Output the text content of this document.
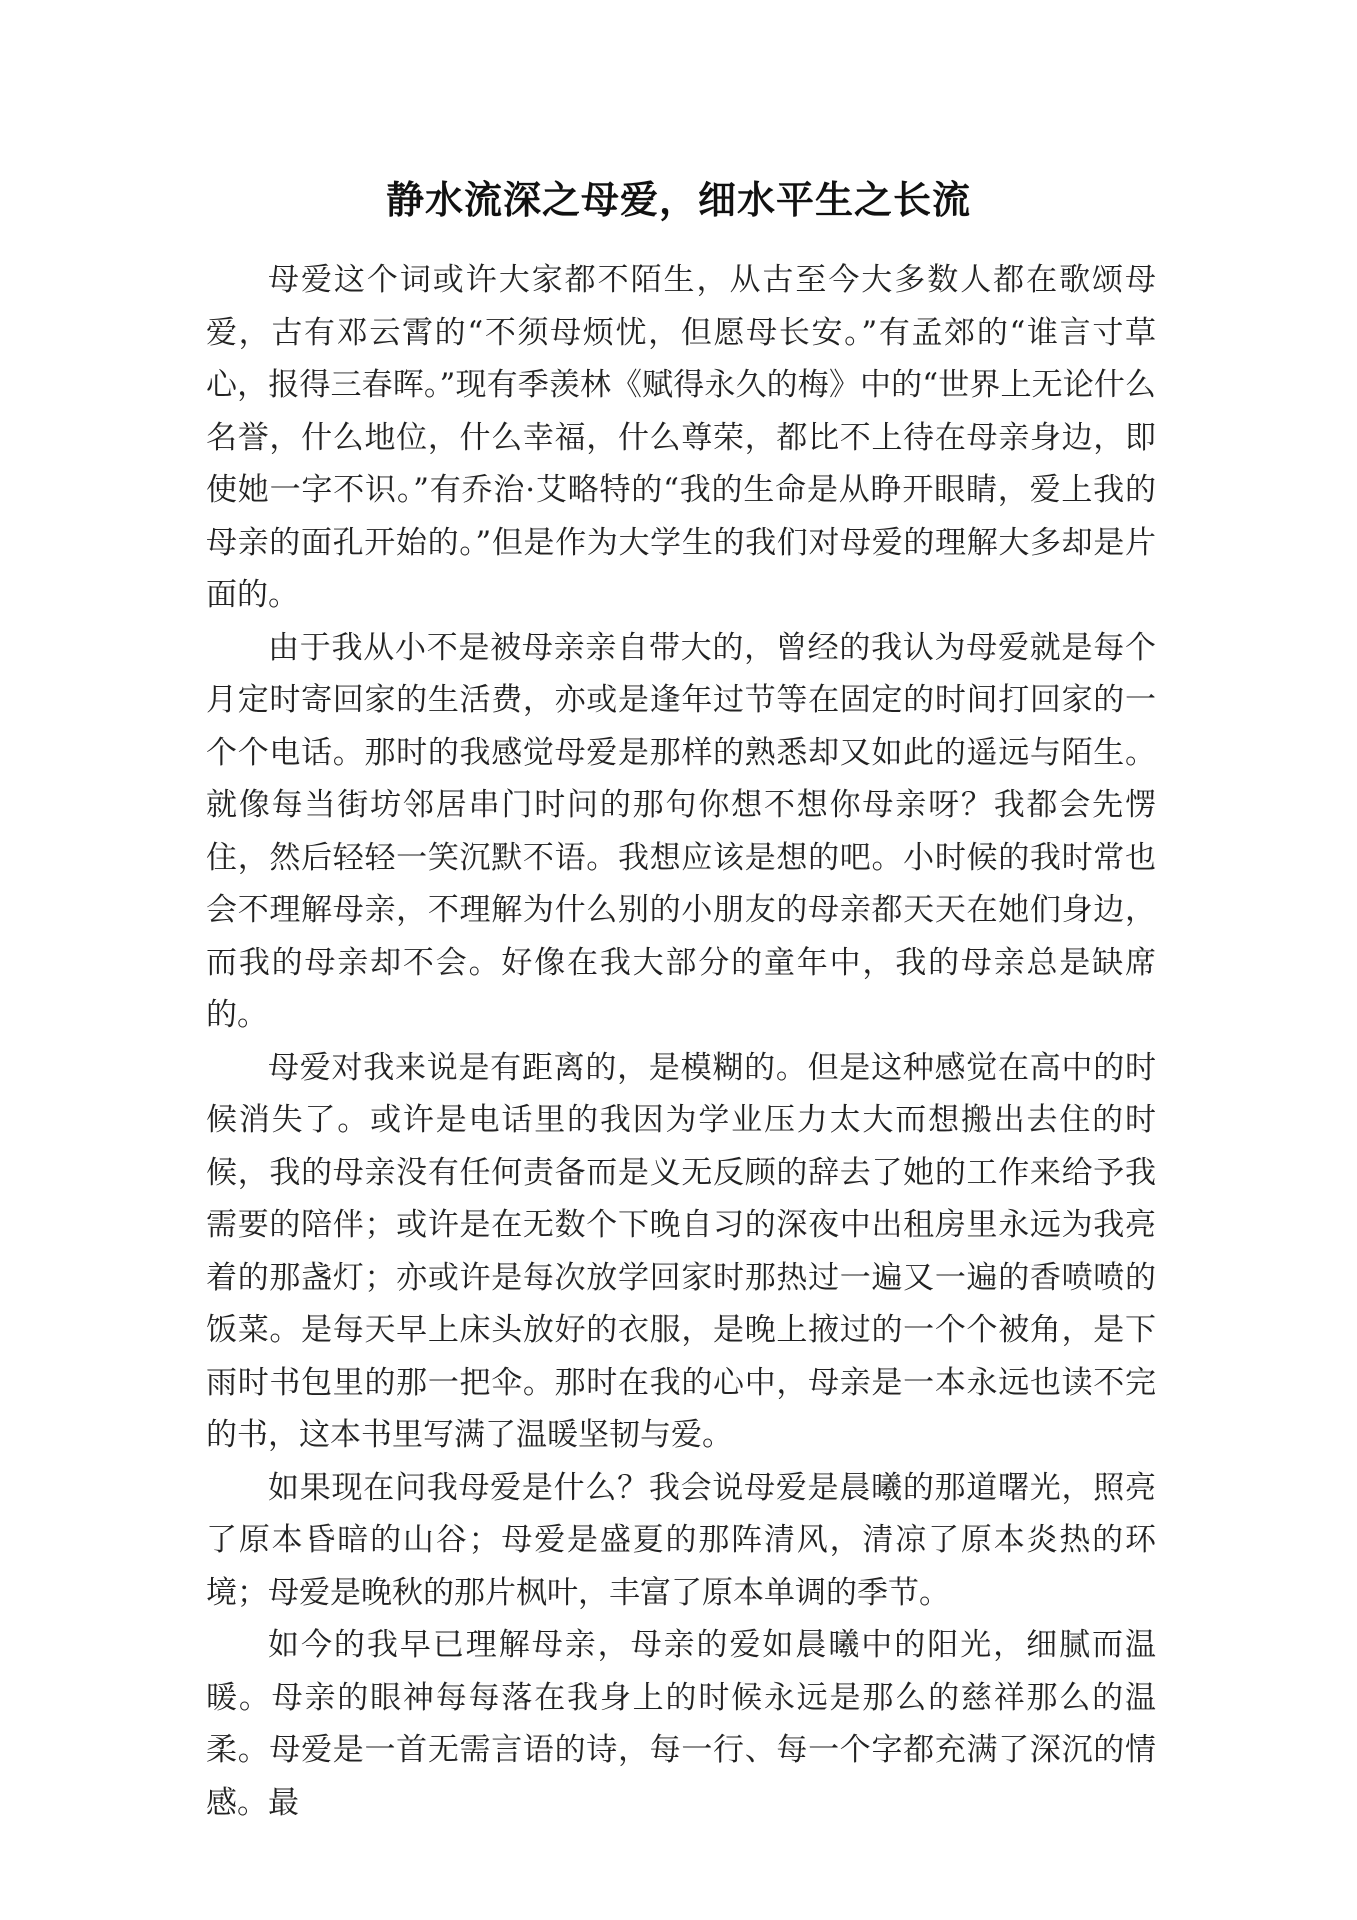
静水流深之母爱，细水平生之长流

母爱这个词或许大家都不陌生，从古至今大多数人都在歌颂母爱，古有邓云霄的“不须母烦忧，但愿母长安。”有孟郊的“谁言寸草心，报得三春晖。”现有季羡林《赋得永久的梅》中的“世界上无论什么名誉，什么地位，什么幸福，什么尊荣，都比不上待在母亲身边，即使她一字不识。”有乔治·艾略特的“我的生命是从睁开眼睛，爱上我的母亲的面孔开始的。”但是作为大学生的我们对母爱的理解大多却是片面的。

由于我从小不是被母亲亲自带大的，曾经的我认为母爱就是每个月定时寄回家的生活费，亦或是逢年过节等在固定的时间打回家的一个个电话。那时的我感觉母爱是那样的熟悉却又如此的遥远与陌生。就像每当街坊邻居串门时问的那句你想不想你母亲呀？我都会先愣住，然后轻轻一笑沉默不语。我想应该是想的吧。小时候的我时常也会不理解母亲，不理解为什么别的小朋友的母亲都天天在她们身边，而我的母亲却不会。好像在我大部分的童年中，我的母亲总是缺席的。

母爱对我来说是有距离的，是模糊的。但是这种感觉在高中的时候消失了。或许是电话里的我因为学业压力太大而想搬出去住的时候，我的母亲没有任何责备而是义无反顾的辞去了她的工作来给予我需要的陪伴；或许是在无数个下晚自习的深夜中出租房里永远为我亮着的那盏灯；亦或许是每次放学回家时那热过一遍又一遍的香喷喷的饭菜。是每天早上床头放好的衣服，是晚上掖过的一个个被角，是下雨时书包里的那一把伞。那时在我的心中，母亲是一本永远也读不完的书，这本书里写满了温暖坚韧与爱。

如果现在问我母爱是什么？我会说母爱是晨曦的那道曙光，照亮了原本昏暗的山谷；母爱是盛夏的那阵清风，清凉了原本炎热的环境；母爱是晚秋的那片枫叶，丰富了原本单调的季节。

如今的我早已理解母亲，母亲的爱如晨曦中的阳光，细腻而温暖。母亲的眼神每每落在我身上的时候永远是那么的慈祥那么的温柔。母爱是一首无需言语的诗，每一行、每一个字都充满了深沉的情感。最
